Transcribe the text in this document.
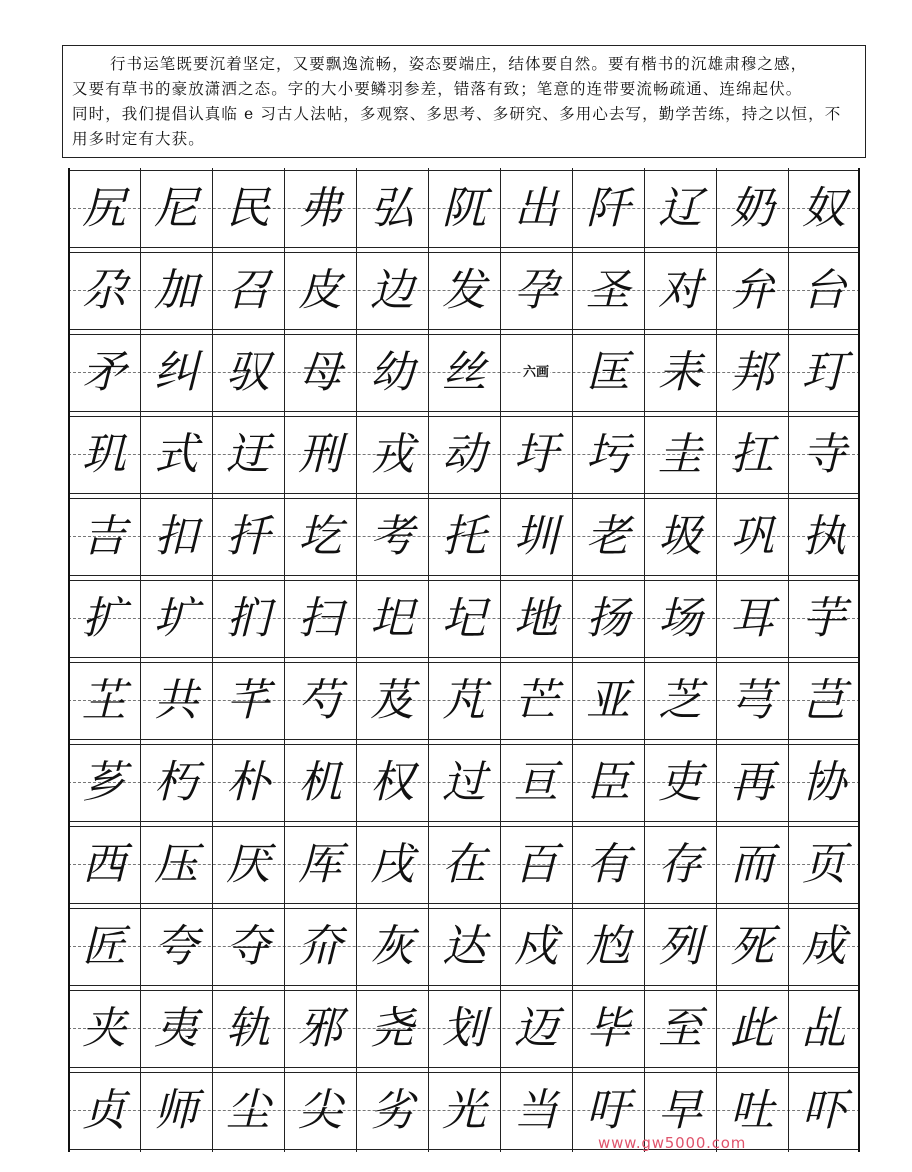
行书运笔既要沉着坚定，又要飘逸流畅，姿态要端庄，结体要自然。要有楷书的沉雄肃穆之感，
又要有草书的豪放潇洒之态。字的大小要鳞羽参差，错落有致；笔意的连带要流畅疏通、连绵起伏。
同时，我们提倡认真临 e 习古人法帖，多观察、多思考、多研究、多用心去写，勤学苦练，持之以恒，不
用多时定有大获。
尻 尼 民 弗 弘 阢 出 阡 辽 奶 奴
尕 加 召 皮 边 发 孕 圣 对 弁 台
矛 纠 驭 母 幼 丝	六画 匡 耒 邦 玎
玑 式 迂 刑 戎 动 圩 圬 圭 扛 寺
吉 扣 扦 圪 考 托 圳 老 圾 巩 执
扩 圹 扪 扫 圯 圮 地 扬 场 耳 芋
芏 共 芊 芍 芨 芃 芒 亚 芝 芎 芑
芗 朽 朴 机 权 过 亘 臣 吏 再 协
西 压 厌 厍 戌 在 百 有 存 而 页
匠 夸 夺 夼 灰 达 戍 尥 列 死 成
夹 夷 轨 邪 尧 划 迈 毕 至 此 乩
贞 师 尘 尖 劣 光 当 吁 早 吐 吓
www.gw5000.com
